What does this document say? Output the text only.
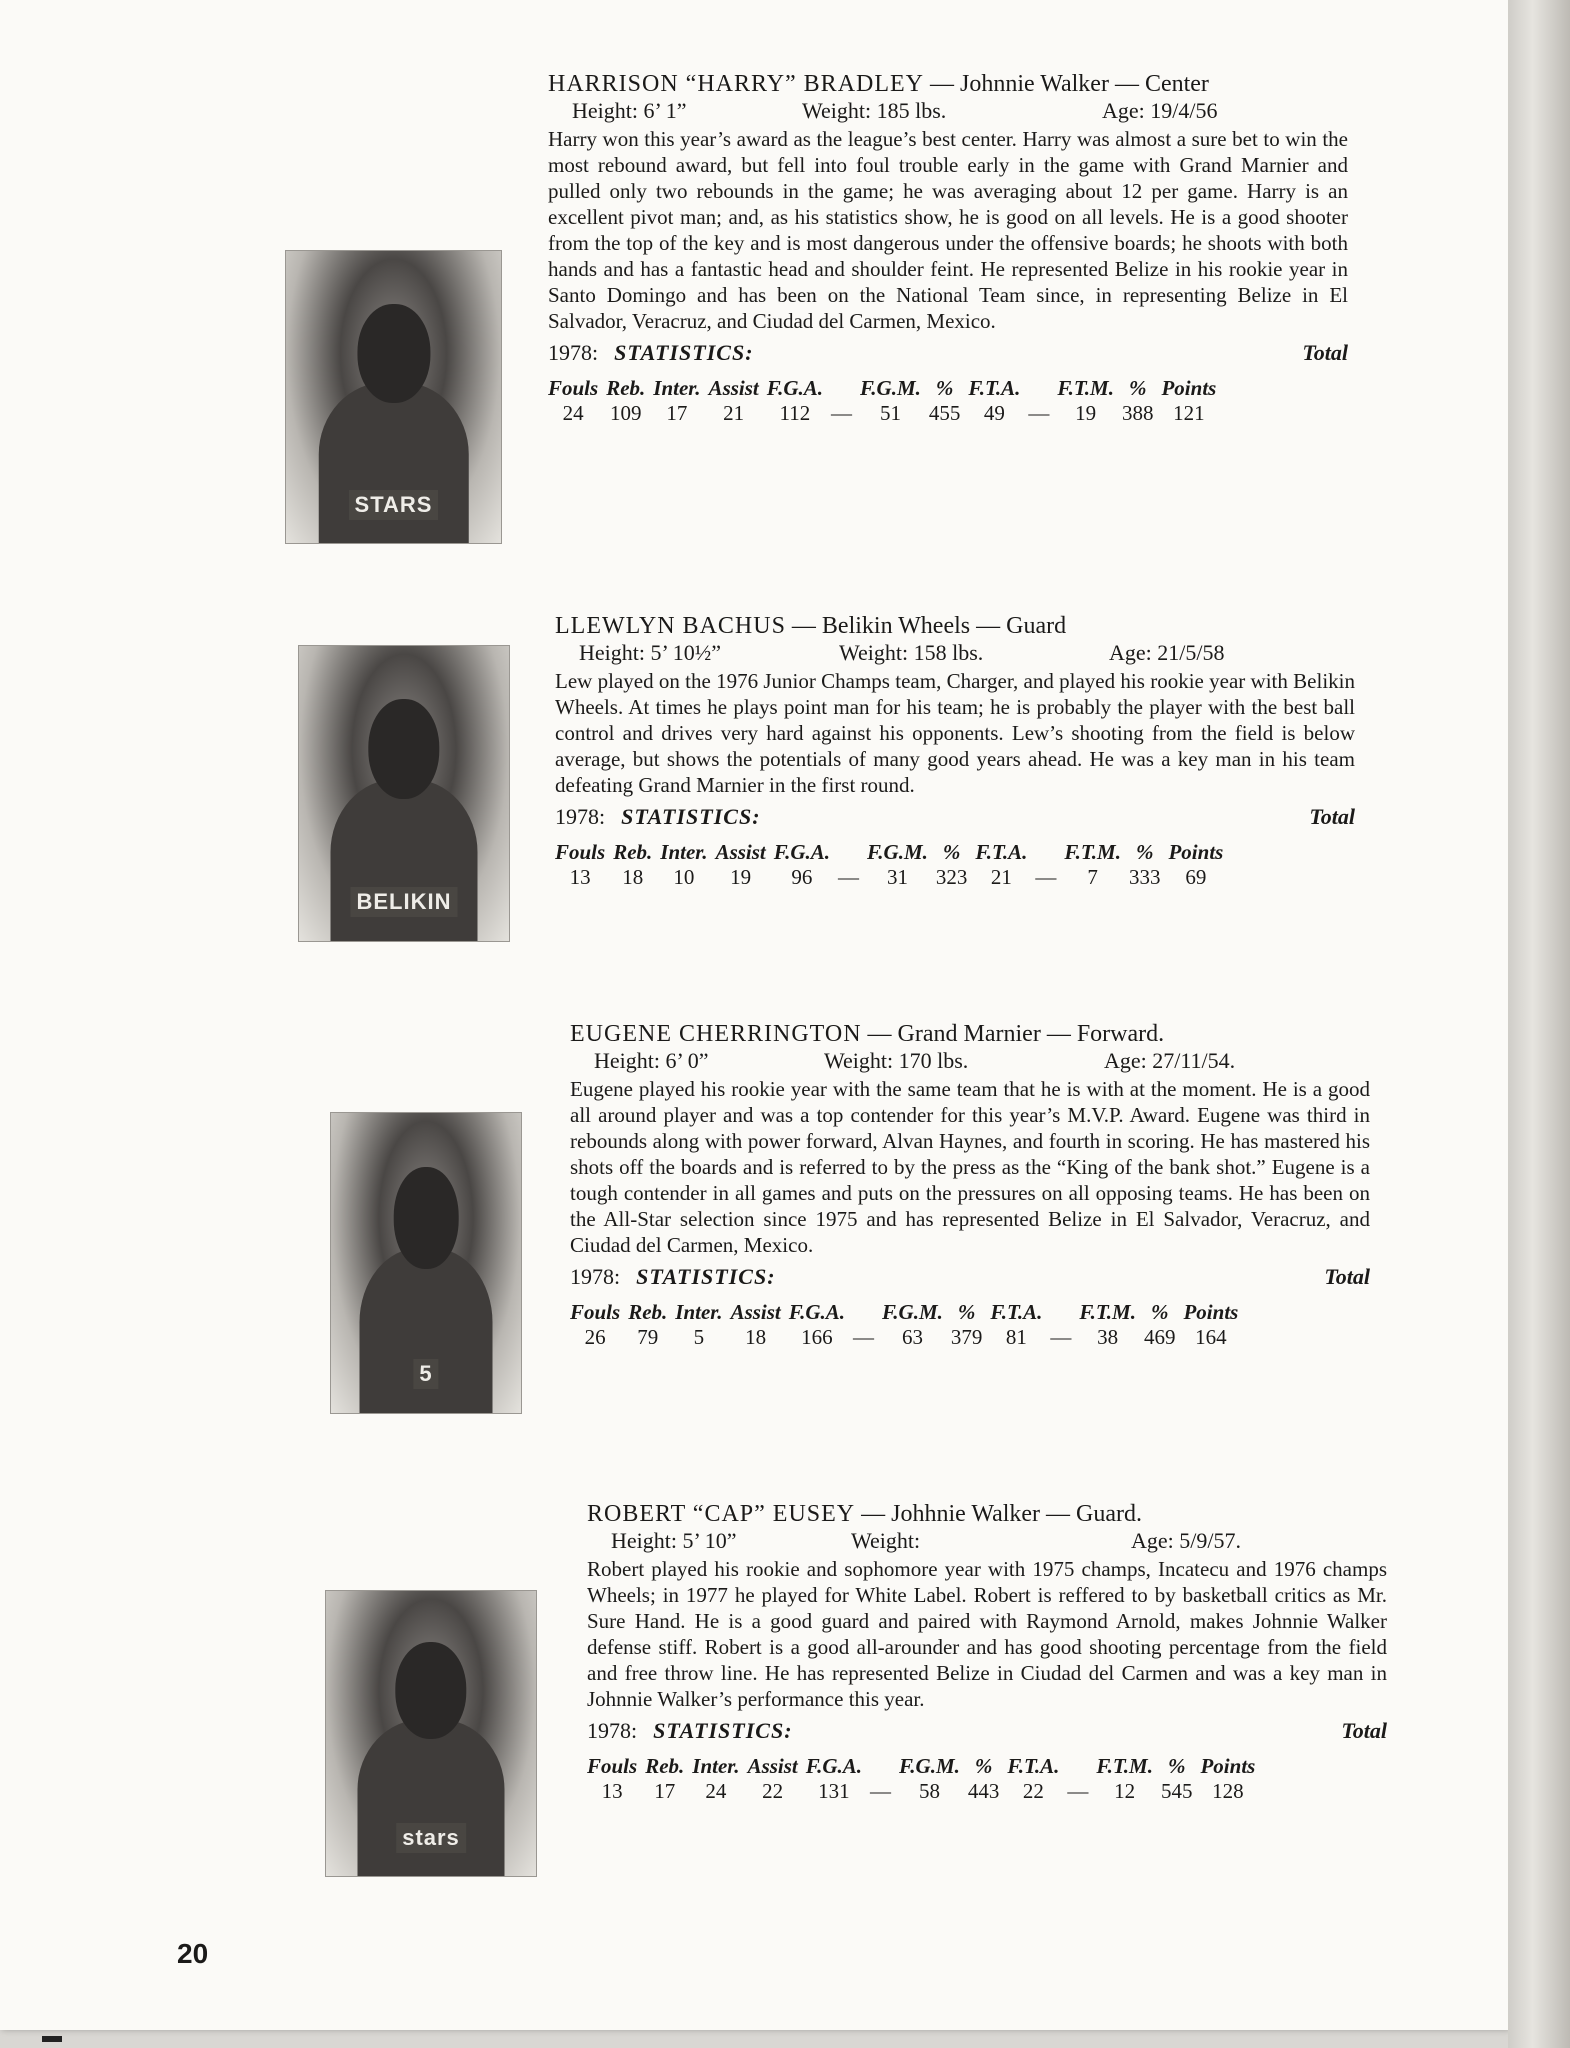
STARS
HARRISON “HARRY” BRADLEY — Johnnie Walker — Center
Height: 6’ 1”	Weight: 185 lbs.	Age: 19/4/56
Harry won this year’s award as the league’s best center. Harry was almost a sure bet to win the most rebound award, but fell into foul trouble early in the game with Grand Marnier and pulled only two rebounds in the game; he was averaging about 12 per game. Harry is an excellent pivot man; and, as his statistics show, he is good on all levels. He is a good shooter from the top of the key and is most dangerous under the offensive boards; he shoots with both hands and has a fantastic head and shoulder feint. He represented Belize in his rookie year in Santo Domingo and has been on the National Team since, in representing Belize in El Salvador, Veracruz, and Ciudad del Carmen, Mexico.
1978: STATISTICS:	Total
Fouls	Reb.	Inter.	Assist	F.G.A.		F.G.M.	%	F.T.A.		F.T.M.	%	Points
24	109	17	21	112	—	51	455	49	—	19	388	121
BELIKIN
LLEWLYN BACHUS — Belikin Wheels — Guard
Height: 5’ 10½”	Weight: 158 lbs.	Age: 21/5/58
Lew played on the 1976 Junior Champs team, Charger, and played his rookie year with Belikin Wheels. At times he plays point man for his team; he is probably the player with the best ball control and drives very hard against his opponents. Lew’s shooting from the field is below average, but shows the potentials of many good years ahead. He was a key man in his team defeating Grand Marnier in the first round.
1978: STATISTICS:	Total
Fouls	Reb.	Inter.	Assist	F.G.A.		F.G.M.	%	F.T.A.		F.T.M.	%	Points
13	18	10	19	96	—	31	323	21	—	7	333	69
5
EUGENE CHERRINGTON — Grand Marnier — Forward.
Height: 6’ 0”	Weight: 170 lbs.	Age: 27/11/54.
Eugene played his rookie year with the same team that he is with at the moment. He is a good all around player and was a top contender for this year’s M.V.P. Award. Eugene was third in rebounds along with power forward, Alvan Haynes, and fourth in scoring. He has mastered his shots off the boards and is referred to by the press as the “King of the bank shot.” Eugene is a tough contender in all games and puts on the pressures on all opposing teams. He has been on the All-Star selection since 1975 and has represented Belize in El Salvador, Veracruz, and Ciudad del Carmen, Mexico.
1978: STATISTICS:	Total
Fouls	Reb.	Inter.	Assist	F.G.A.		F.G.M.	%	F.T.A.		F.T.M.	%	Points
26	79	5	18	166	—	63	379	81	—	38	469	164
stars
ROBERT “CAP” EUSEY — Johhnie Walker — Guard.
Height: 5’ 10”	Weight:	Age: 5/9/57.
Robert played his rookie and sophomore year with 1975 champs, Incatecu and 1976 champs Wheels; in 1977 he played for White Label. Robert is reffered to by basketball critics as Mr. Sure Hand. He is a good guard and paired with Raymond Arnold, makes Johnnie Walker defense stiff. Robert is a good all-arounder and has good shooting percentage from the field and free throw line. He has represented Belize in Ciudad del Carmen and was a key man in Johnnie Walker’s performance this year.
1978: STATISTICS:	Total
Fouls	Reb.	Inter.	Assist	F.G.A.		F.G.M.	%	F.T.A.		F.T.M.	%	Points
13	17	24	22	131	—	58	443	22	—	12	545	128
20
